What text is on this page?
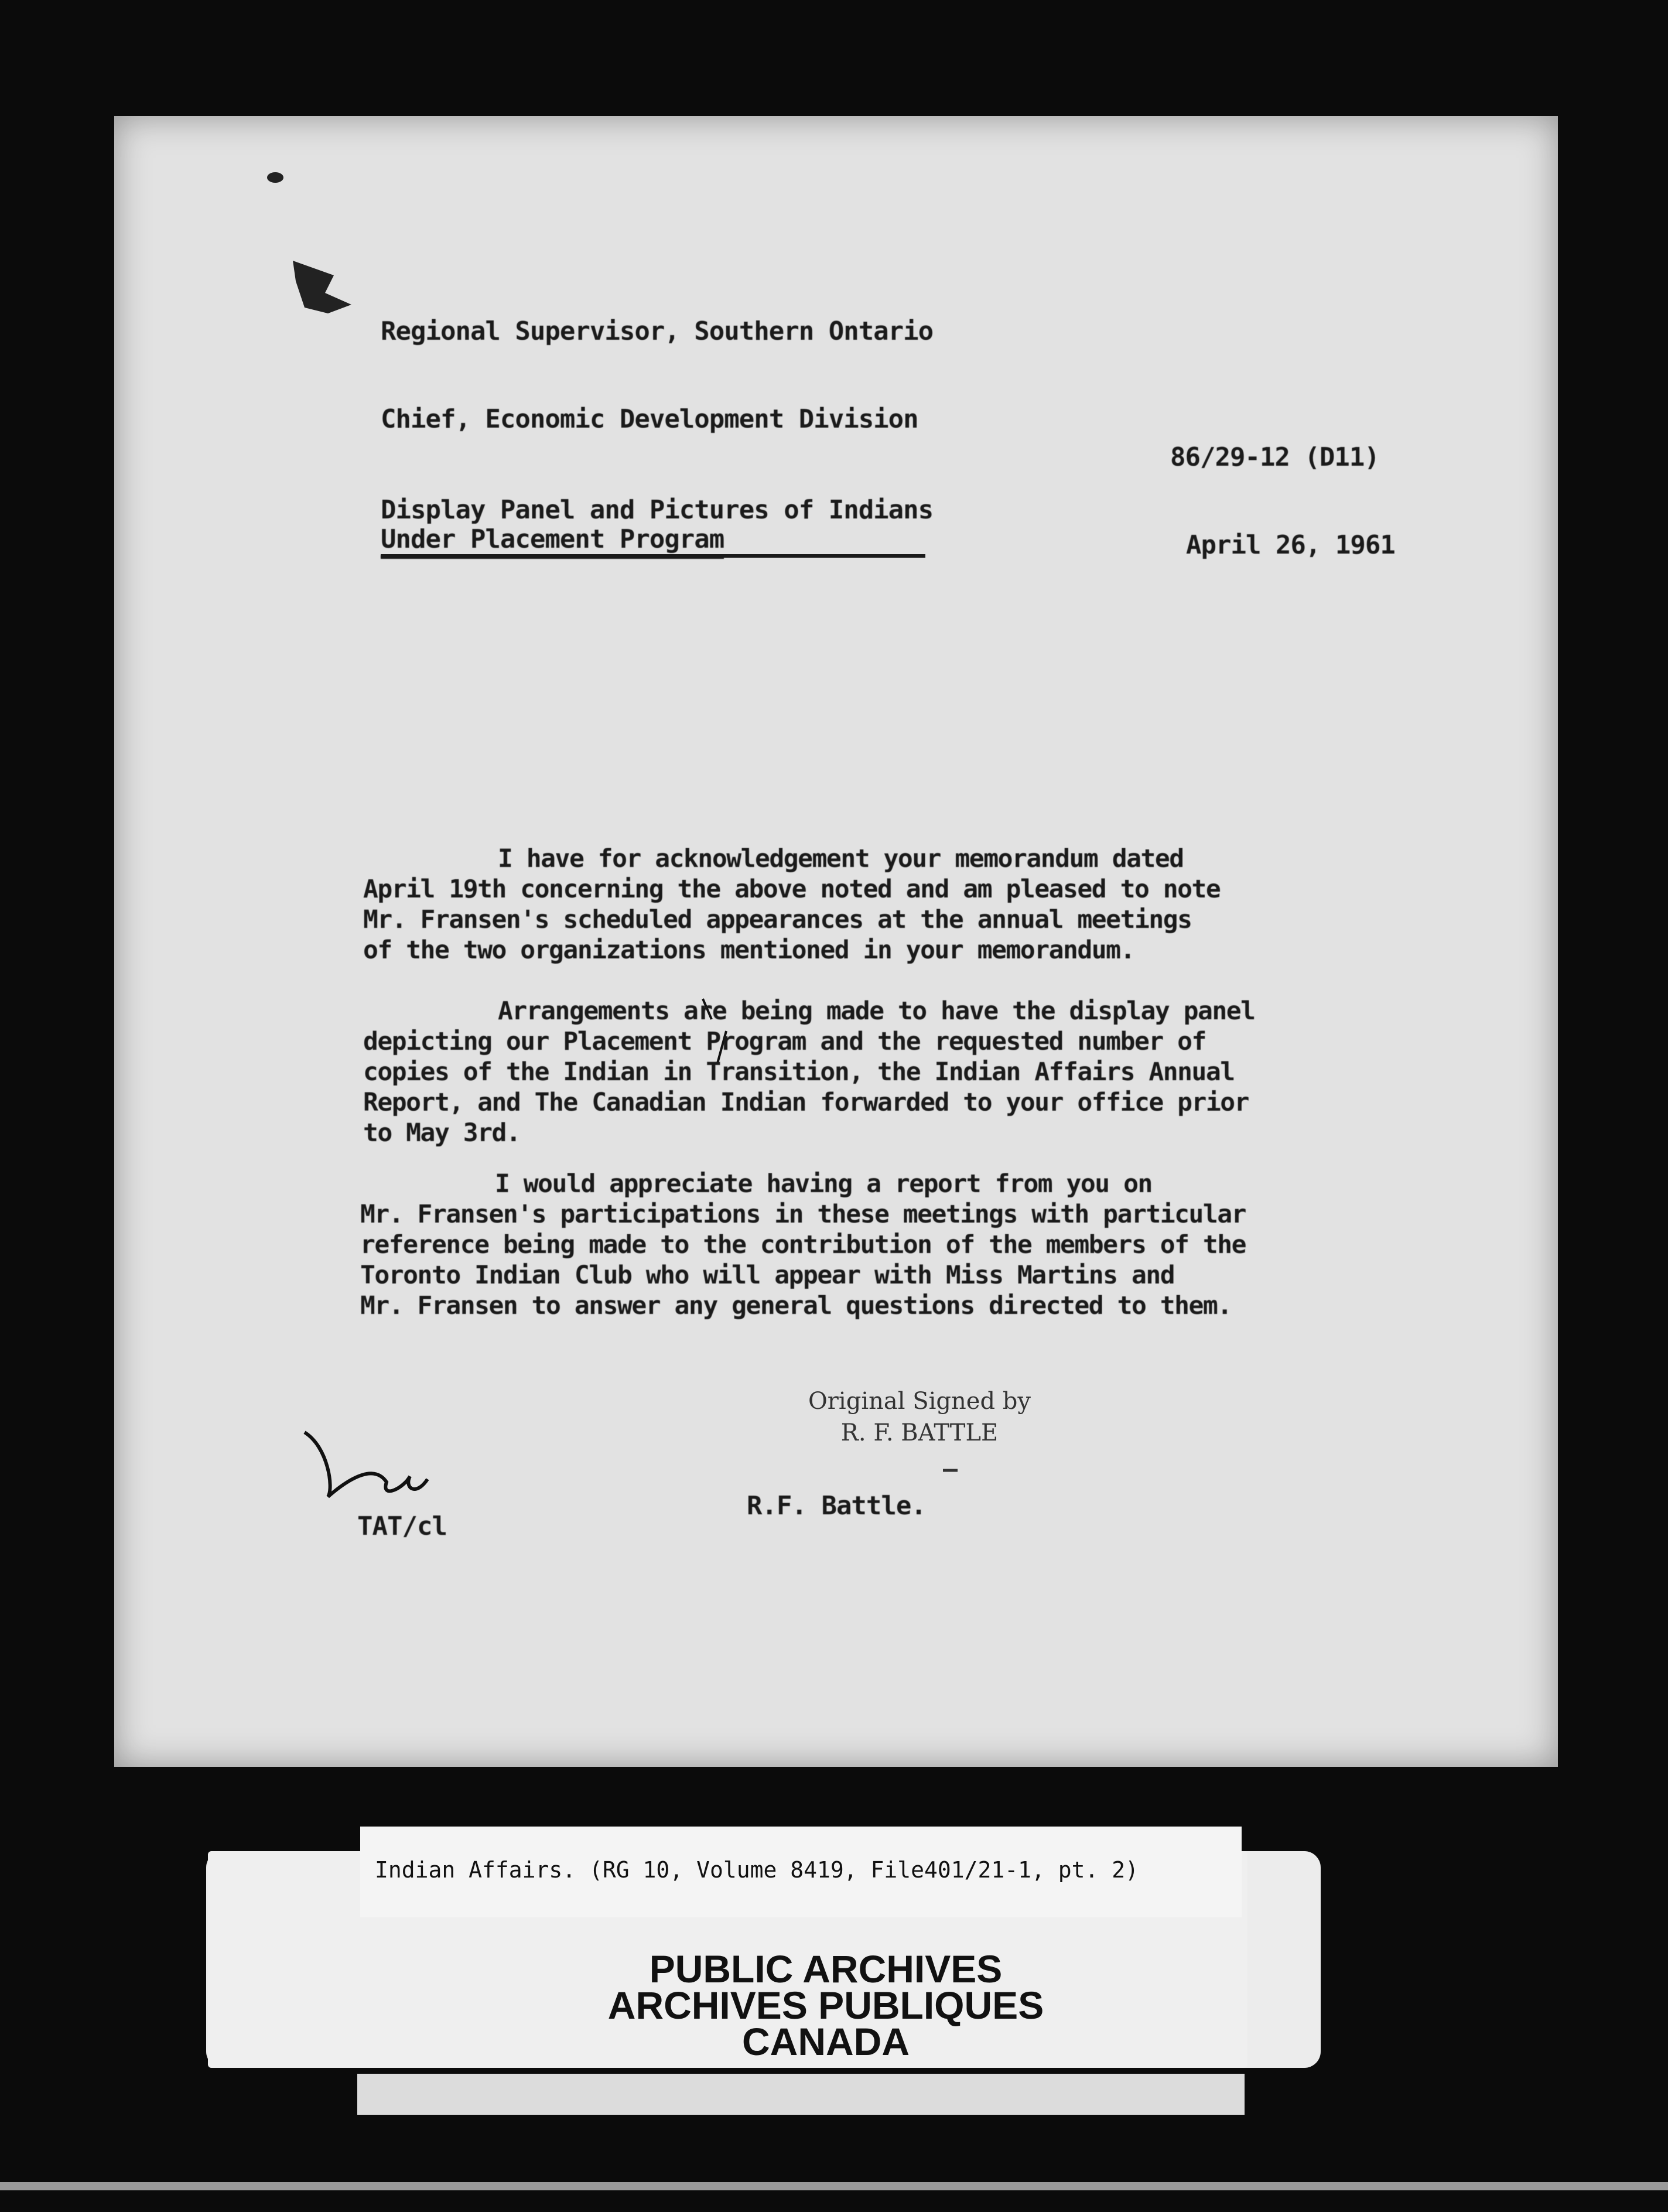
Regional Supervisor, Southern Ontario
Chief, Economic Development Division
86/29-12 (D11)
Display Panel and Pictures of Indians
Under Placement Program	April 26, 1961
I have for acknowledgement your memorandum dated
April 19th concerning the above noted and am pleased to note
Mr. Fransen's scheduled appearances at the annual meetings
of the two organizations mentioned in your memorandum.
Arrangements are being made to have the display panel
depicting our Placement Program and the requested number of
copies of the Indian in Transition, the Indian Affairs Annual
Report, and The Canadian Indian forwarded to your office prior
to May 3rd.
I would appreciate having a report from you on
Mr. Fransen's participations in these meetings with particular
reference being made to the contribution of the members of the
Toronto Indian Club who will appear with Miss Martins and
Mr. Fransen to answer any general questions directed to them.
Original Signed by
R. F. BATTLE
R.F. Battle.
TAT/cl
Indian Affairs. (RG 10, Volume 8419, File401/21-1, pt. 2)
PUBLIC ARCHIVES
ARCHIVES PUBLIQUES
CANADA
